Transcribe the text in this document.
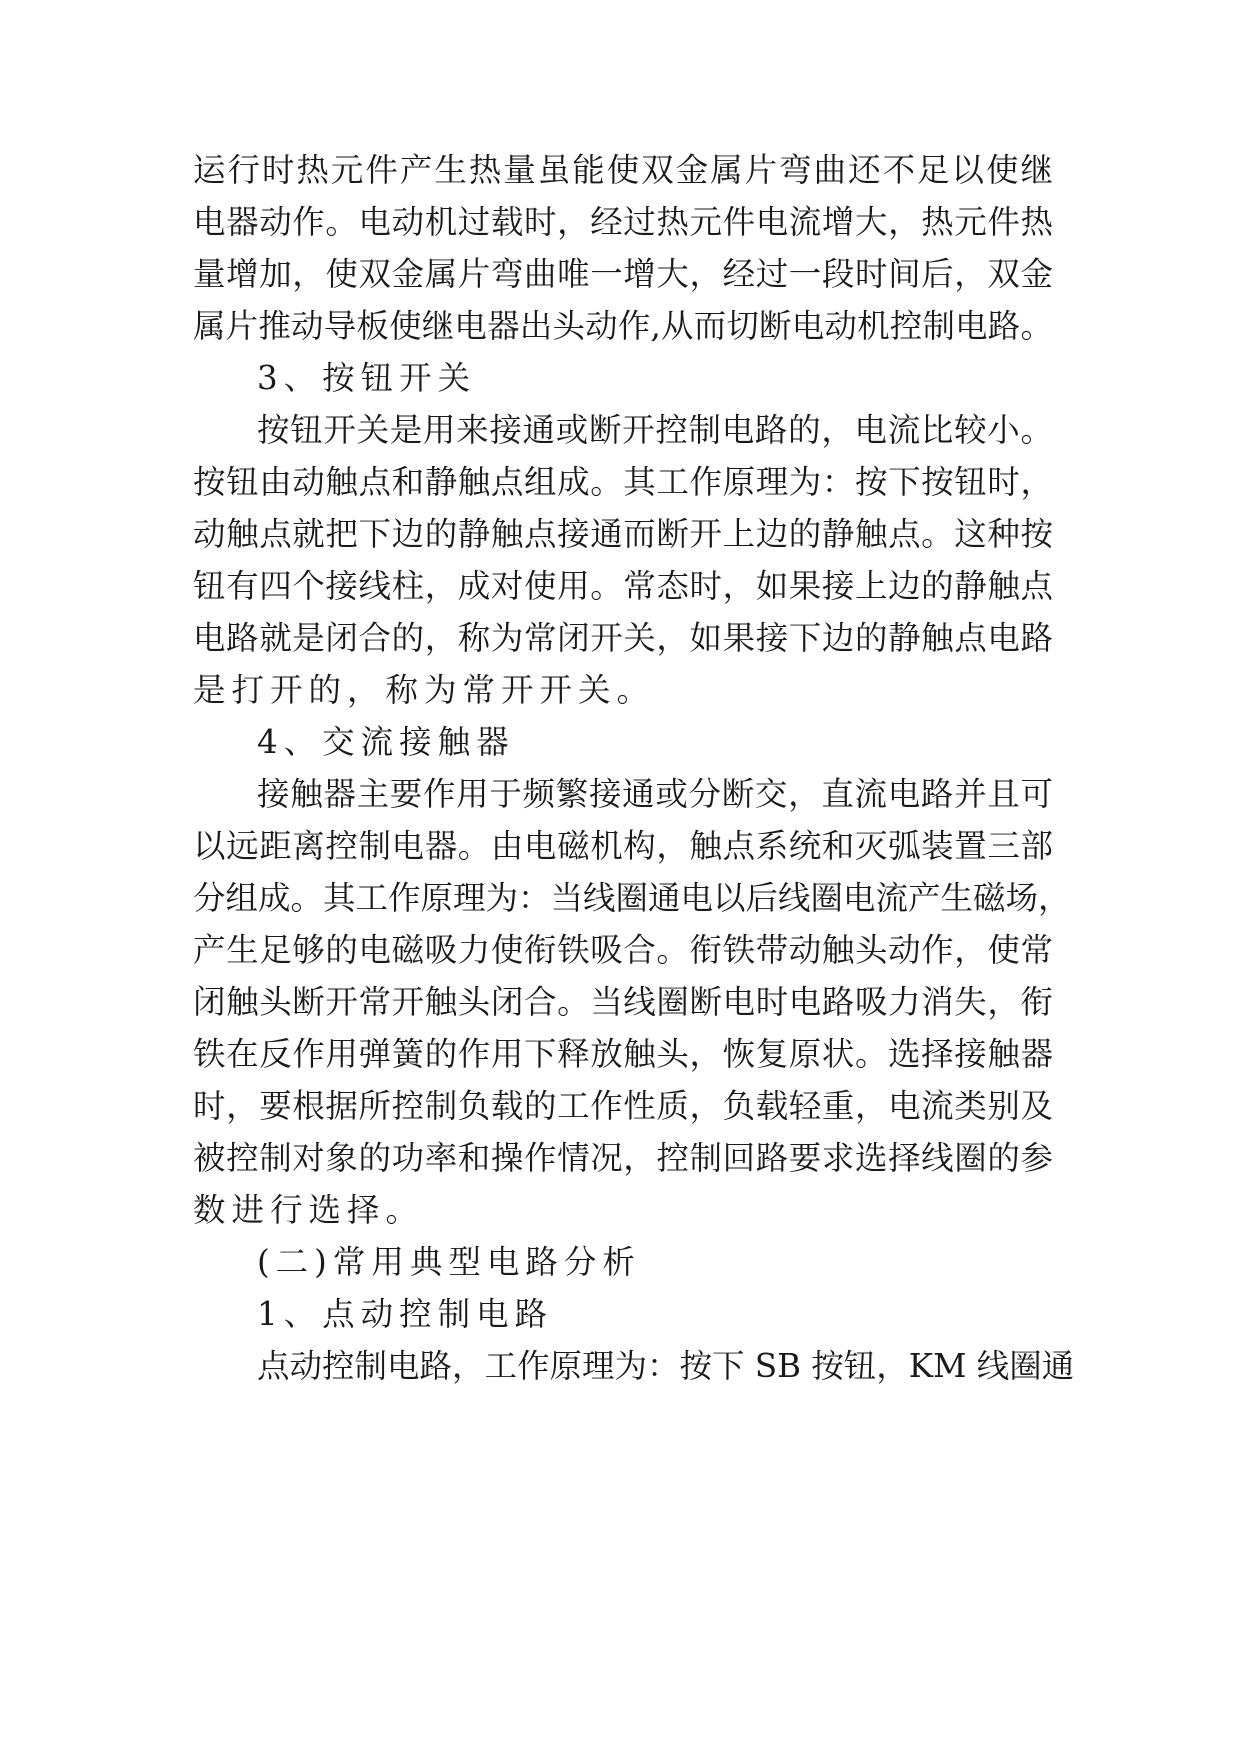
运行时热元件产生热量虽能使双金属片弯曲还不足以使继
电器动作。电动机过载时，经过热元件电流增大，热元件热
量增加，使双金属片弯曲唯一增大，经过一段时间后，双金
属片推动导板使继电器出头动作,从而切断电动机控制电路。
3、按钮开关
按钮开关是用来接通或断开控制电路的，电流比较小。
按钮由动触点和静触点组成。其工作原理为：按下按钮时，
动触点就把下边的静触点接通而断开上边的静触点。这种按
钮有四个接线柱，成对使用。常态时，如果接上边的静触点
电路就是闭合的，称为常闭开关，如果接下边的静触点电路
是打开的，称为常开开关。
4、交流接触器
接触器主要作用于频繁接通或分断交，直流电路并且可
以远距离控制电器。由电磁机构，触点系统和灭弧装置三部
分组成。其工作原理为：当线圈通电以后线圈电流产生磁场，
产生足够的电磁吸力使衔铁吸合。衔铁带动触头动作，使常
闭触头断开常开触头闭合。当线圈断电时电路吸力消失，衔
铁在反作用弹簧的作用下释放触头，恢复原状。选择接触器
时，要根据所控制负载的工作性质，负载轻重，电流类别及
被控制对象的功率和操作情况，控制回路要求选择线圈的参
数进行选择。
(二)常用典型电路分析
1、点动控制电路
点动控制电路，工作原理为：按下 SB 按钮，KM 线圈通
